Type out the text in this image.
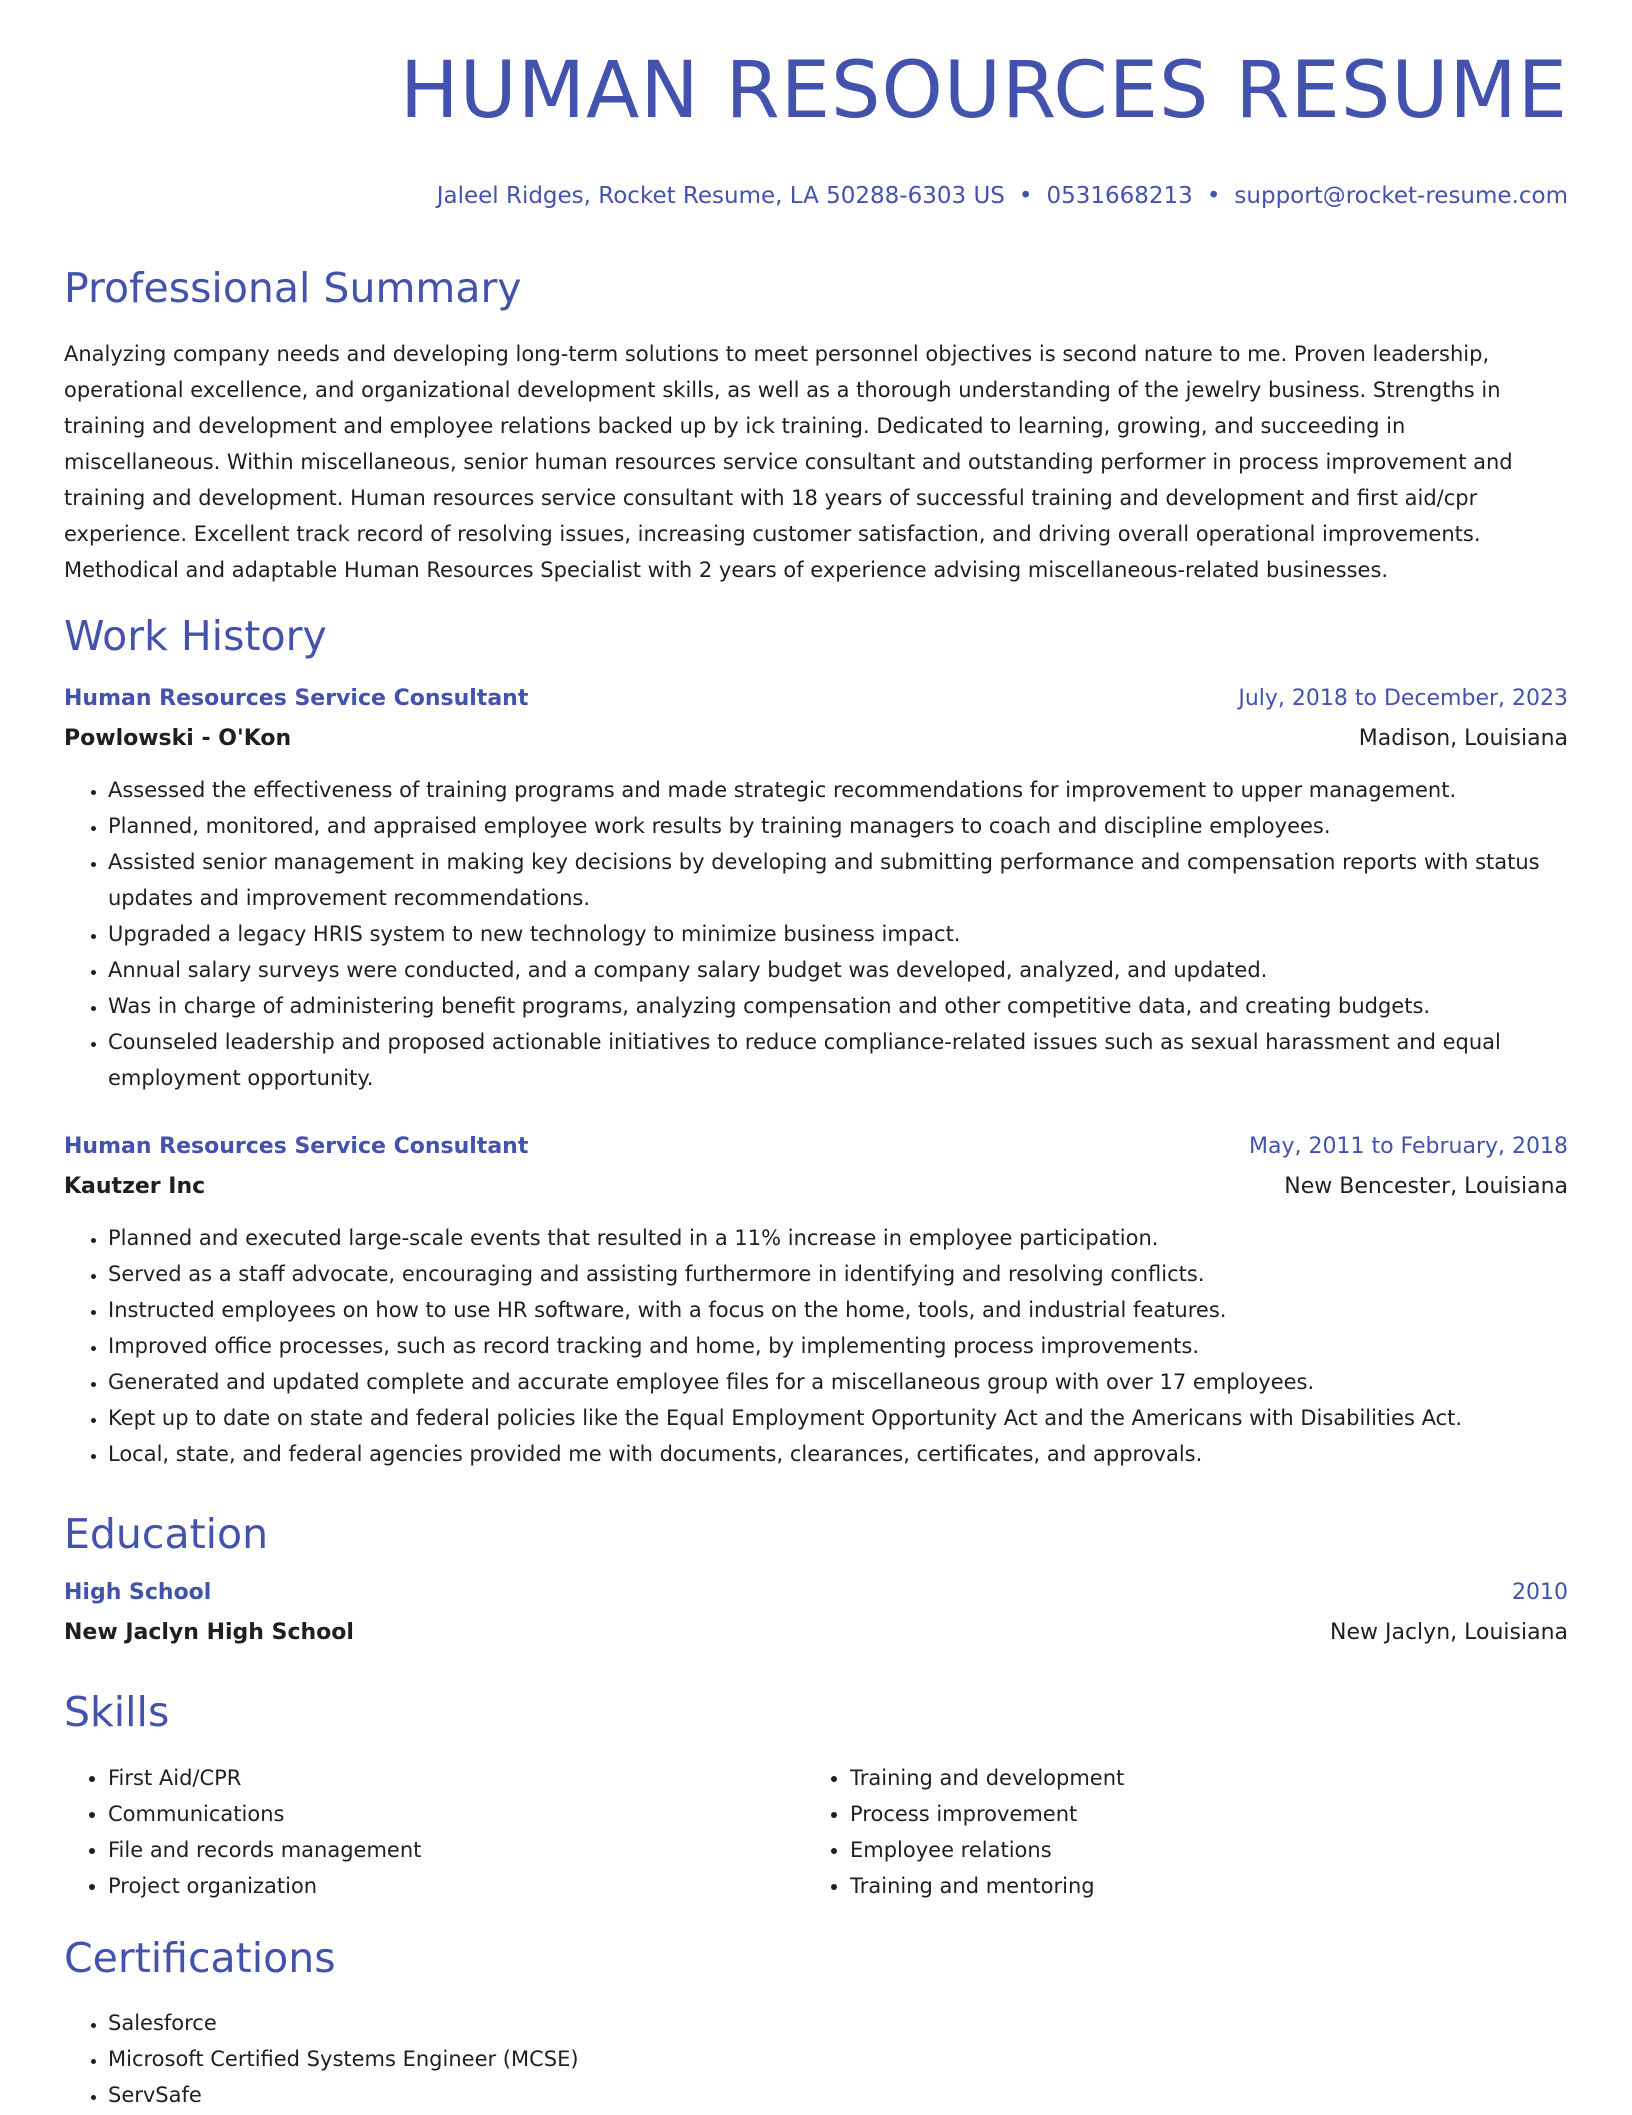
HUMAN RESOURCES RESUME
Jaleel Ridges, Rocket Resume, LA 50288-6303 US • 0531668213 • support@rocket-resume.com
Professional Summary

Analyzing company needs and developing long-term solutions to meet personnel objectives is second nature to me. Proven leadership, operational excellence, and organizational development skills, as well as a thorough understanding of the jewelry business. Strengths in training and development and employee relations backed up by ick training. Dedicated to learning, growing, and succeeding in miscellaneous. Within miscellaneous, senior human resources service consultant and outstanding performer in process improvement and training and development. Human resources service consultant with 18 years of successful training and development and first aid/cpr experience. Excellent track record of resolving issues, increasing customer satisfaction, and driving overall operational improvements. Methodical and adaptable Human Resources Specialist with 2 years of experience advising miscellaneous-related businesses.

Work History
Human Resources Service Consultant	July, 2018 to December, 2023
Powlowski - O'Kon	Madison, Louisiana
• Assessed the effectiveness of training programs and made strategic recommendations for improvement to upper management.
• Planned, monitored, and appraised employee work results by training managers to coach and discipline employees.
• Assisted senior management in making key decisions by developing and submitting performance and compensation reports with status updates and improvement recommendations.
• Upgraded a legacy HRIS system to new technology to minimize business impact.
• Annual salary surveys were conducted, and a company salary budget was developed, analyzed, and updated.
• Was in charge of administering benefit programs, analyzing compensation and other competitive data, and creating budgets.
• Counseled leadership and proposed actionable initiatives to reduce compliance-related issues such as sexual harassment and equal employment opportunity.
Human Resources Service Consultant	May, 2011 to February, 2018
Kautzer Inc	New Bencester, Louisiana
• Planned and executed large-scale events that resulted in a 11% increase in employee participation.
• Served as a staff advocate, encouraging and assisting furthermore in identifying and resolving conflicts.
• Instructed employees on how to use HR software, with a focus on the home, tools, and industrial features.
• Improved office processes, such as record tracking and home, by implementing process improvements.
• Generated and updated complete and accurate employee files for a miscellaneous group with over 17 employees.
• Kept up to date on state and federal policies like the Equal Employment Opportunity Act and the Americans with Disabilities Act.
• Local, state, and federal agencies provided me with documents, clearances, certificates, and approvals.
Education
High School	2010
New Jaclyn High School	New Jaclyn, Louisiana
Skills
• First Aid/CPR
• Communications
• File and records management
• Project organization
• Training and development
• Process improvement
• Employee relations
• Training and mentoring
Certifications
• Salesforce
• Microsoft Certified Systems Engineer (MCSE)
• ServSafe
